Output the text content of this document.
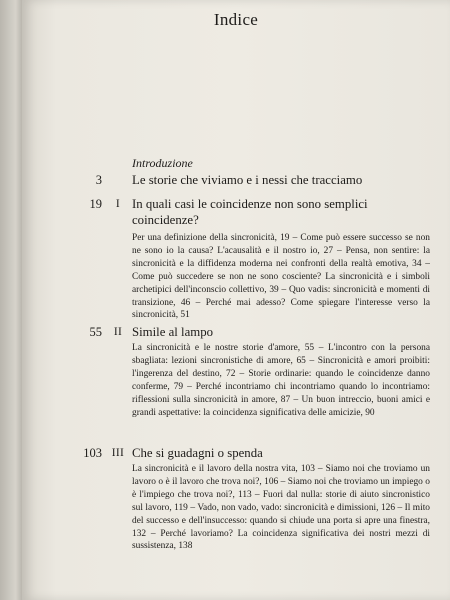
Indice
Introduzione
3 Le storie che viviamo e i nessi che tracciamo
19	I In quali casi le coincidenze non sono semplici coincidenze?
Per una definizione della sincronicità, 19 – Come può essere successo se non ne sono io la causa? L'acausalità e il nostro io, 27 – Pensa, non sentire: la sincronicità e la diffidenza moderna nei confronti della realtà emotiva, 34 – Come può succedere se non ne sono cosciente? La sincronicità e i simboli archetipici dell'inconscio collettivo, 39 – Quo vadis: sincronicità e momenti di transizione, 46 – Perché mai adesso? Come spiegare l'interesse verso la sincronicità, 51
55	II Simile al lampo
La sincronicità e le nostre storie d'amore, 55 – L'incontro con la persona sbagliata: lezioni sincronistiche di amore, 65 – Sincronicità e amori proibiti: l'ingerenza del destino, 72 – Storie ordinarie: quando le coincidenze danno conferme, 79 – Perché incontriamo chi incontriamo quando lo incontriamo: riflessioni sulla sincronicità in amore, 87 – Un buon intreccio, buoni amici e grandi aspettative: la coincidenza significativa delle amicizie, 90
103 III Che si guadagni o spenda
La sincronicità e il lavoro della nostra vita, 103 – Siamo noi che troviamo un lavoro o è il lavoro che trova noi?, 106 – Siamo noi che troviamo un impiego o è l'impiego che trova noi?, 113 – Fuori dal nulla: storie di aiuto sincronistico sul lavoro, 119 – Vado, non vado, vado: sincronicità e dimissioni, 126 – Il mito del successo e dell'insuccesso: quando si chiude una porta si apre una finestra, 132 – Perché lavoriamo? La coincidenza significativa dei nostri mezzi di sussistenza, 138
